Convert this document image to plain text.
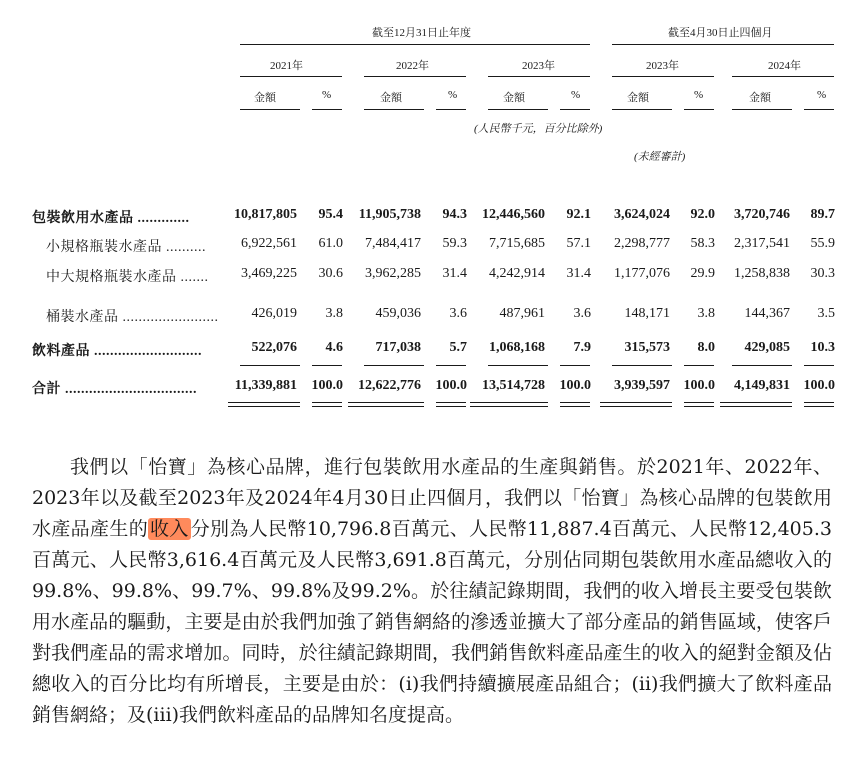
截至12月31日止年度	截至4月30日止四個月
2021年	2022年	2023年	2023年	2024年
金額	%	金額	%	金額	%	金額	%	金額	%
(人民幣千元，百分比除外)
(未經審計)
包裝飲用水產品 .............	10,817,805	95.4	11,905,738	94.3	12,446,560	92.1	3,624,024	92.0	3,720,746	89.7
小規格瓶裝水產品 ..........	6,922,561	61.0	7,484,417	59.3	7,715,685	57.1	2,298,777	58.3	2,317,541	55.9
中大規格瓶裝水產品 .......	3,469,225	30.6	3,962,285	31.4	4,242,914	31.4	1,177,076	29.9	1,258,838	30.3
桶裝水產品 ........................	426,019	3.8	459,036	3.6	487,961	3.6	148,171	3.8	144,367	3.5
飲料產品 ...........................	522,076	4.6	717,038	5.7	1,068,168	7.9	315,573	8.0	429,085	10.3
合計 .................................	11,339,881	100.0	12,622,776	100.0	13,514,728	100.0	3,939,597 100.0	4,149,831 100.0
我們以「怡寶」為核心品牌，進行包裝飲用水產品的生產與銷售。於2021年、2022年、2023年以及截至2023年及2024年4月30日止四個月，我們以「怡寶」為核心品牌的包裝飲用水產品產生的 收入 分別為人民幣10,796.8百萬元、人民幣11,887.4百萬元、人民幣12,405.3百萬元、人民幣3,616.4百萬元及人民幣3,691.8百萬元，分別佔同期包裝飲用水產品總收入的99.8%、99.8%、99.7%、99.8%及99.2%。於往績記錄期間，我們的收入增長主要受包裝飲用水產品的驅動，主要是由於我們加強了銷售網絡的滲透並擴大了部分產品的銷售區域，使客戶對我們產品的需求增加。同時，於往績記錄期間，我們銷售飲料產品產生的收入的絕對金額及佔總收入的百分比均有所增長，主要是由於：(i)我們持續擴展產品組合；(ii)我們擴大了飲料產品銷售網絡；及(iii)我們飲料產品的品牌知名度提高。
